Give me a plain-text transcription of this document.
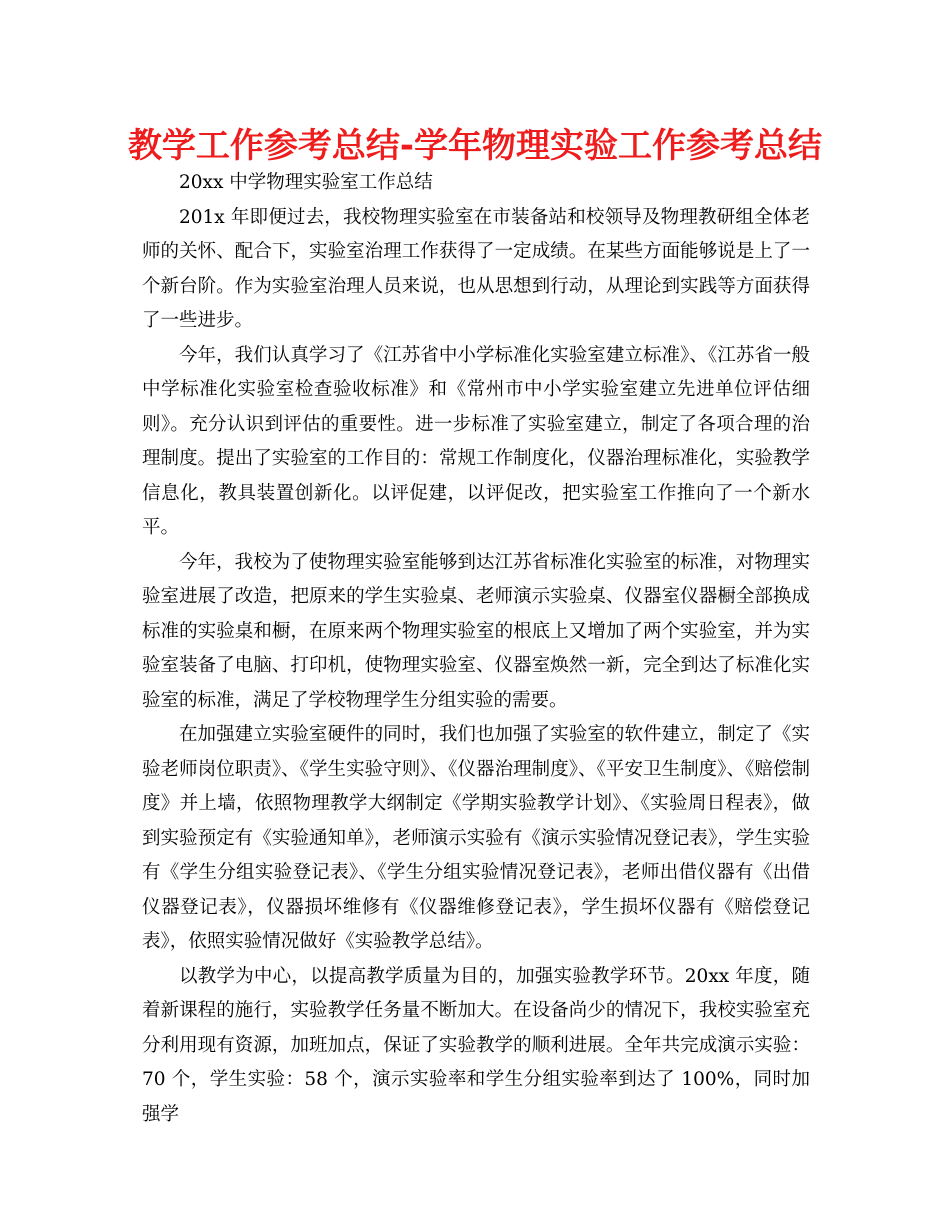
教学工作参考总结-学年物理实验工作参考总结

20xx 中学物理实验室工作总结

201x 年即便过去，我校物理实验室在市装备站和校领导及物理教研组全体老师的关怀、配合下，实验室治理工作获得了一定成绩。在某些方面能够说是上了一个新台阶。作为实验室治理人员来说，也从思想到行动，从理论到实践等方面获得了一些进步。

今年，我们认真学习了《江苏省中小学标准化实验室建立标准》、《江苏省一般中学标准化实验室检查验收标准》和《常州市中小学实验室建立先进单位评估细则》。充分认识到评估的重要性。进一步标准了实验室建立，制定了各项合理的治理制度。提出了实验室的工作目的：常规工作制度化，仪器治理标准化，实验教学信息化，教具装置创新化。以评促建，以评促改，把实验室工作推向了一个新水平。

今年，我校为了使物理实验室能够到达江苏省标准化实验室的标准，对物理实验室进展了改造，把原来的学生实验桌、老师演示实验桌、仪器室仪器橱全部换成标准的实验桌和橱，在原来两个物理实验室的根底上又增加了两个实验室，并为实验室装备了电脑、打印机，使物理实验室、仪器室焕然一新，完全到达了标准化实验室的标准，满足了学校物理学生分组实验的需要。

在加强建立实验室硬件的同时，我们也加强了实验室的软件建立，制定了《实验老师岗位职责》、《学生实验守则》、《仪器治理制度》、《平安卫生制度》、《赔偿制度》并上墙，依照物理教学大纲制定《学期实验教学计划》、《实验周日程表》，做到实验预定有《实验通知单》，老师演示实验有《演示实验情况登记表》，学生实验有《学生分组实验登记表》、《学生分组实验情况登记表》，老师出借仪器有《出借仪器登记表》，仪器损坏维修有《仪器维修登记表》，学生损坏仪器有《赔偿登记表》，依照实验情况做好《实验教学总结》。

以教学为中心，以提高教学质量为目的，加强实验教学环节。20xx 年度，随着新课程的施行，实验教学任务量不断加大。在设备尚少的情况下，我校实验室充分利用现有资源，加班加点，保证了实验教学的顺利进展。全年共完成演示实验：70 个，学生实验：58 个，演示实验率和学生分组实验率到达了 100%，同时加强学
